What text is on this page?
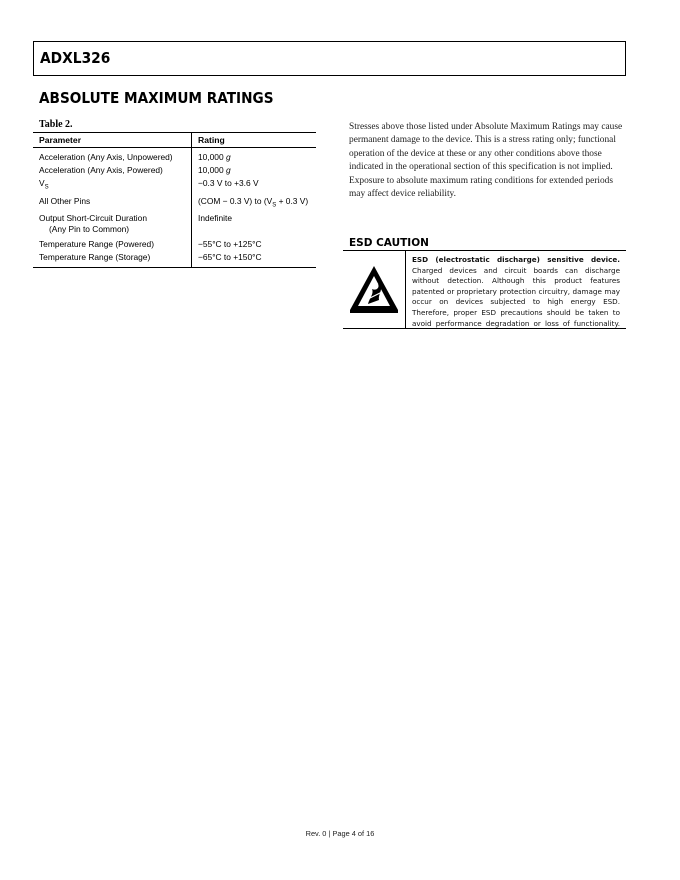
ADXL326
ABSOLUTE MAXIMUM RATINGS
Table 2.
Parameter	Rating
Acceleration (Any Axis, Unpowered)	10,000 g
Acceleration (Any Axis, Powered)	10,000 g
$V_S$	−0.3 V to +3.6 V
All Other Pins	(COM − 0.3 V) to ($V_S + 0.3$ V)
Output Short-Circuit Duration
(Any Pin to Common)	Indefinite
Temperature Range (Powered)	−55°C to +125°C
Temperature Range (Storage)	−65°C to +150°C
Stresses above those listed under Absolute Maximum Ratings may cause permanent damage to the device. This is a stress rating only; functional operation of the device at these or any other conditions above those indicated in the operational section of this specification is not implied. Exposure to absolute maximum rating conditions for extended periods may affect device reliability.
ESD CAUTION
ESD (electrostatic discharge) sensitive device. Charged devices and circuit boards can discharge without detection. Although this product features patented or proprietary protection circuitry, damage may occur on devices subjected to high energy ESD. Therefore, proper ESD precautions should be taken to avoid performance degradation or loss of functionality.
Rev. 0 | Page 4 of 16
